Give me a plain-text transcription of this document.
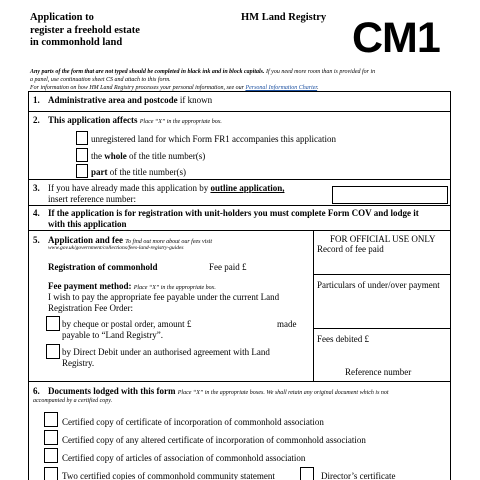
Application to
register a freehold estate
in commonhold land
HM Land Registry CM1
Any parts of the form that are not typed should be completed in black ink and in block capitals. If you need more room than is provided for in
a panel, use continuation sheet CS and attach to this form.
For information on how HM Land Registry processes your personal information, see our Personal Information Charter.
1. Administrative area and postcode if known
2. This application affects Place “X” in the appropriate box.
unregistered land for which Form FR1 accompanies this application
the whole of the title number(s)
part of the title number(s)
3. If you have already made this application by outline application,
insert reference number:
4. If the application is for registration with unit-holders you must complete Form COV and lodge it
with this application
5. Application and fee To find out more about our fees visit
www.gov.uk/government/collections/fees-land-registry-guides
Registration of commonhold	Fee paid £
Fee payment method: Place “X” in the appropriate box.
I wish to pay the appropriate fee payable under the current Land
Registration Fee Order:
by cheque or postal order, amount £	made
payable to “Land Registry”.
by Direct Debit under an authorised agreement with Land
Registry.
FOR OFFICIAL USE ONLY
Record of fee paid
Particulars of under/over payment
Fees debited £
Reference number
6. Documents lodged with this form Place “X” in the appropriate boxes. We shall retain any original document which is not
accompanied by a certified copy.
Certified copy of certificate of incorporation of commonhold association
Certified copy of any altered certificate of incorporation of commonhold association
Certified copy of articles of association of commonhold association
Two certified copies of commonhold community statement	Director’s certificate
